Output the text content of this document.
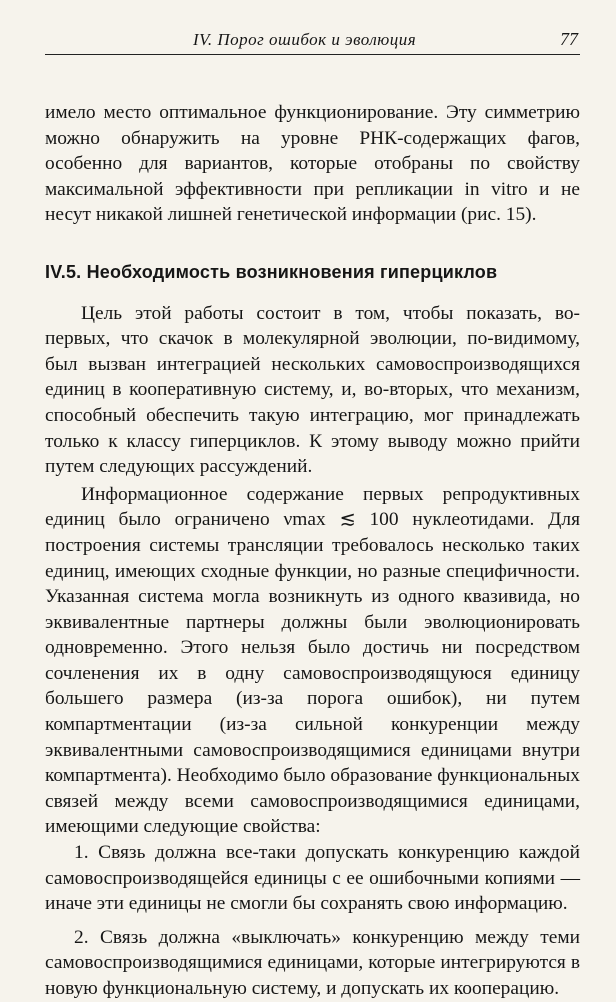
IV. Порог ошибок и эволюция	77

имело место оптимальное функционирование. Эту симметрию можно обнаружить на уровне РНК-содержащих фагов, особенно для вариантов, которые отобраны по свойству максимальной эффективности при репликации in vitro и не несут никакой лишней генетической информации (рис. 15).

IV.5. Необходимость возникновения гиперциклов

Цель этой работы состоит в том, чтобы показать, во-первых, что скачок в молекулярной эволюции, по-видимому, был вызван интеграцией нескольких самовоспроизводящихся единиц в кооперативную систему, и, во-вторых, что механизм, способный обеспечить такую интеграцию, мог принадлежать только к классу гиперциклов. К этому выводу можно прийти путем следующих рассуждений.

Информационное содержание первых репродуктивных единиц было ограничено νmax ≲ 100 нуклеотидами. Для построения системы трансляции требовалось несколько таких единиц, имеющих сходные функции, но разные специфичности. Указанная система могла возникнуть из одного квазивида, но эквивалентные партнеры должны были эволюционировать одновременно. Этого нельзя было достичь ни посредством сочленения их в одну самовоспроизводящуюся единицу большего размера (из-за порога ошибок), ни путем компартментации (из-за сильной конкуренции между эквивалентными самовоспроизводящимися единицами внутри компартмента). Необходимо было образование функциональных связей между всеми самовоспроизводящимися единицами, имеющими следующие свойства:

1. Связь должна все-таки допускать конкуренцию каждой самовоспроизводящейся единицы с ее ошибочными копиями — иначе эти единицы не смогли бы сохранять свою информацию.

2. Связь должна «выключать» конкуренцию между теми самовоспроизводящимися единицами, которые интегрируются в новую функциональную систему, и допускать их кооперацию.
